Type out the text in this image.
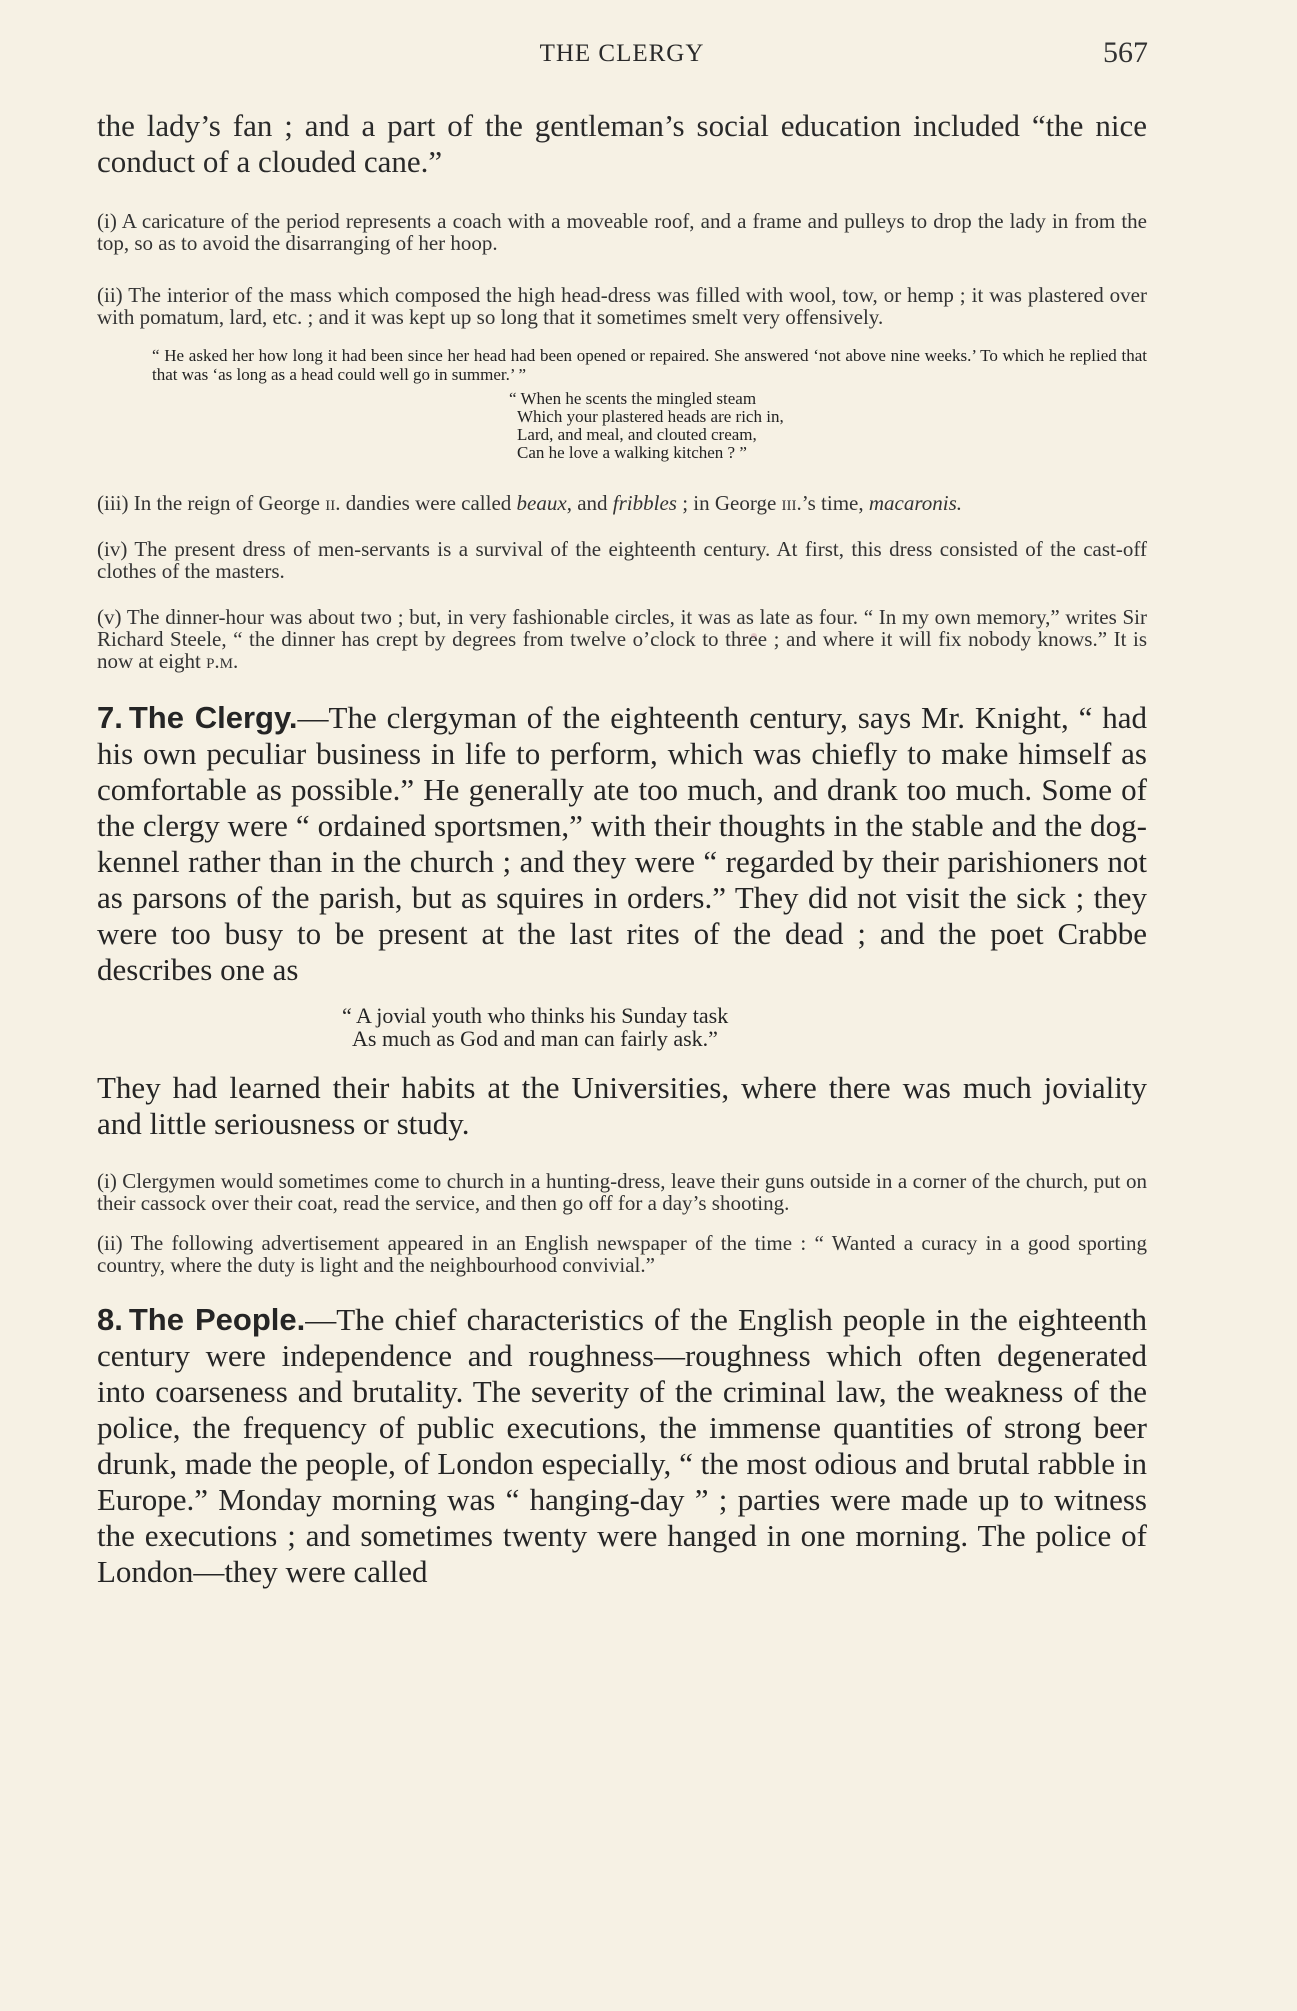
THE CLERGY	567

the lady’s fan ; and a part of the gentleman’s social education included “the nice conduct of a clouded cane.”

(i) A caricature of the period represents a coach with a moveable roof, and a frame and pulleys to drop the lady in from the top, so as to avoid the disarranging of her hoop.

(ii) The interior of the mass which composed the high head-dress was filled with wool, tow, or hemp ; it was plastered over with pomatum, lard, etc. ; and it was kept up so long that it sometimes smelt very offensively.

“ He asked her how long it had been since her head had been opened or repaired. She answered ‘not above nine weeks.’ To which he replied that that was ‘as long as a head could well go in summer.’ ”
“ When he scents the mingled steam
Which your plastered heads are rich in,
Lard, and meal, and clouted cream,
Can he love a walking kitchen ? ”

(iii) In the reign of George ii. dandies were called beaux, and fribbles ; in George iii.’s time, macaronis.

(iv) The present dress of men-servants is a survival of the eighteenth century. At first, this dress consisted of the cast-off clothes of the masters.

(v) The dinner-hour was about two ; but, in very fashionable circles, it was as late as four. “ In my own memory,” writes Sir Richard Steele, “ the dinner has crept by degrees from twelve o’clock to three ; and where it will fix nobody knows.” It is now at eight p.m.

7. The Clergy.—The clergyman of the eighteenth century, says Mr. Knight, “ had his own peculiar business in life to perform, which was chiefly to make himself as comfortable as possible.” He generally ate too much, and drank too much. Some of the clergy were “ ordained sportsmen,” with their thoughts in the stable and the dog-kennel rather than in the church ; and they were “ regarded by their parishioners not as parsons of the parish, but as squires in orders.” They did not visit the sick ; they were too busy to be present at the last rites of the dead ; and the poet Crabbe describes one as

“ A jovial youth who thinks his Sunday task
As much as God and man can fairly ask.”

They had learned their habits at the Universities, where there was much joviality and little seriousness or study.

(i) Clergymen would sometimes come to church in a hunting-dress, leave their guns outside in a corner of the church, put on their cassock over their coat, read the service, and then go off for a day’s shooting.

(ii) The following advertisement appeared in an English newspaper of the time : “ Wanted a curacy in a good sporting country, where the duty is light and the neighbourhood convivial.”

8. The People.—The chief characteristics of the English people in the eighteenth century were independence and roughness—roughness which often degenerated into coarseness and brutality. The severity of the criminal law, the weakness of the police, the frequency of public executions, the immense quantities of strong beer drunk, made the people, of London especially, “ the most odious and brutal rabble in Europe.” Monday morning was “ hanging-day ” ; parties were made up to witness the executions ; and sometimes twenty were hanged in one morning. The police of London—they were called
